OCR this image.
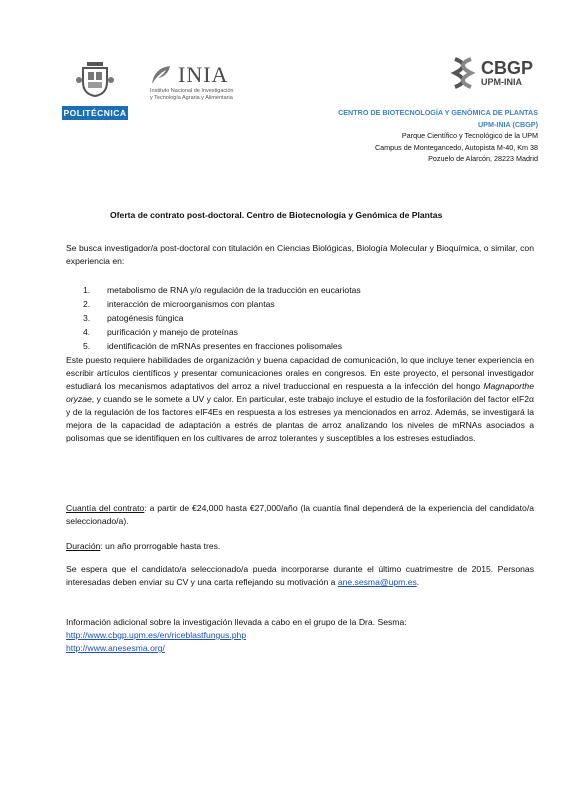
POLITÉCNICA
INIA
Instituto Nacional de Investigación
y Tecnología Agraria y Alimentaria
CBGP
UPM-INIA
CENTRO DE BIOTECNOLOGÍA Y GENÓMICA DE PLANTAS
UPM-INIA (CBGP)
Parque Científico y Tecnológico de la UPM
Campus de Montegancedo, Autopista M-40, Km 38
Pozuelo de Alarcón, 28223 Madrid
Oferta de contrato post-doctoral. Centro de Biotecnología y Genómica de Plantas
Se busca investigador/a post-doctoral con titulación en Ciencias Biológicas, Biología Molecular y Bioquímica, o similar, con experiencia en:
1.	metabolismo de RNA y/o regulación de la traducción en eucariotas
2.	interacción de microorganismos con plantas
3.	patogénesis fúngica
4.	purificación y manejo de proteínas
5.	identificación de mRNAs presentes en fracciones polisomales
Este puesto requiere habilidades de organización y buena capacidad de comunicación, lo que incluye tener experiencia en escribir artículos científicos y presentar comunicaciones orales en congresos. En este proyecto, el personal investigador estudiará los mecanismos adaptativos del arroz a nivel traduccional en respuesta a la infección del hongo Magnaporthe oryzae, y cuando se le somete a UV y calor. En particular, este trabajo incluye el estudio de la fosforilación del factor eIF2α y de la regulación de los factores eIF4Es en respuesta a los estreses ya mencionados en arroz. Además, se investigará la mejora de la capacidad de adaptación a estrés de plantas de arroz analizando los niveles de mRNAs asociados a polisomas que se identifiquen en los cultivares de arroz tolerantes y susceptibles a los estreses estudiados.
Cuantía del contrato: a partir de €24,000 hasta €27,000/año (la cuantía final dependerá de la experiencia del candidato/a seleccionado/a).
Duración: un año prorrogable hasta tres.
Se espera que el candidato/a seleccionado/a pueda incorporarse durante el último cuatrimestre de 2015. Personas interesadas deben enviar su CV y una carta reflejando su motivación a ane.sesma@upm.es.
Información adicional sobre la investigación llevada a cabo en el grupo de la Dra. Sesma:
http://www.cbgp.upm.es/en/riceblastfungus.php
http://www.anesesma.org/
